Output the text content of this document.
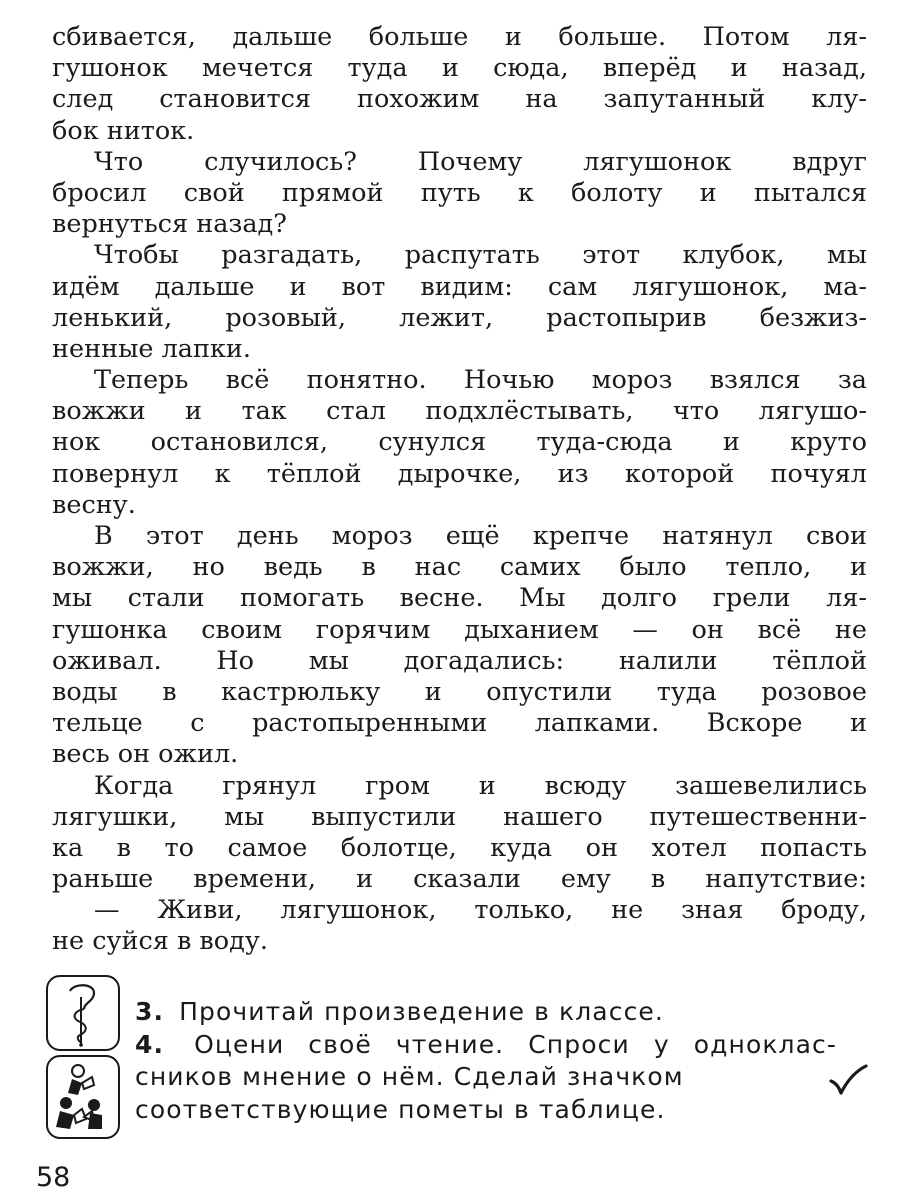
сбивается, дальше больше и больше. Потом ля-
гушонок мечется туда и сюда, вперёд и назад,
след становится похожим на запутанный клу-
бок ниток.
Что случилось? Почему лягушонок вдруг
бросил свой прямой путь к болоту и пытался
вернуться назад?
Чтобы разгадать, распутать этот клубок, мы
идём дальше и вот видим: сам лягушонок, ма-
ленький, розовый, лежит, растопырив безжиз-
ненные лапки.
Теперь всё понятно. Ночью мороз взялся за
вожжи и так стал подхлёстывать, что лягушо-
нок остановился, сунулся туда-сюда и круто
повернул к тёплой дырочке, из которой почуял
весну.
В этот день мороз ещё крепче натянул свои
вожжи, но ведь в нас самих было тепло, и
мы стали помогать весне. Мы долго грели ля-
гушонка своим горячим дыханием — он всё не
оживал. Но мы догадались: налили тёплой
воды в кастрюльку и опустили туда розовое
тельце с растопыренными лапками. Вскоре и
весь он ожил.
Когда грянул гром и всюду зашевелились
лягушки, мы выпустили нашего путешественни-
ка в то самое болотце, куда он хотел попасть
раньше времени, и сказали ему в напутствие:
— Живи, лягушонок, только, не зная броду,
не суйся в воду.
3. Прочитай произведение в классе.
4. Оцени своё чтение. Спроси у однoклас-
сников мнение о нём. Сделай значком
соответствующие пометы в таблице.
58
